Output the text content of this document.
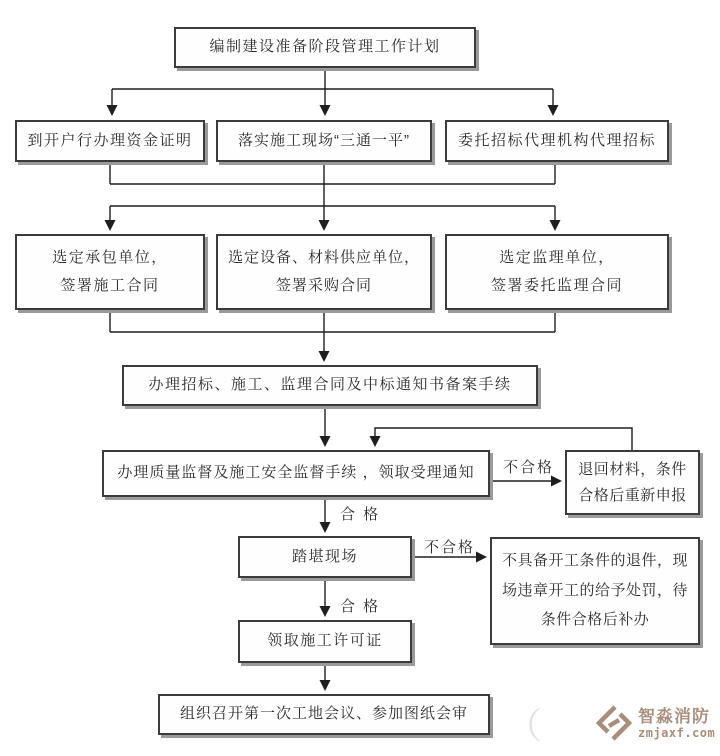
编制建设准备阶段管理工作计划
到开户行办理资金证明	落实施工现场“三通一平”	委托招标代理机构代理招标
选定承包单位，
签署施工合同
选定设备、材料供应单位，
签署采购合同
选定监理单位，
签署委托监理合同
办理招标、施工、监理合同及中标通知书备案手续
办理质量监督及施工安全监督手续 ，领取受理通知	退回材料，条件
合格后重新申报
踏堪现场	不具备开工条件的退件，现
场违章开工的给予处罚，待
条件合格后补办
领取施工许可证
组织召开第一次工地会议、参加图纸会审
合 格
不合格
不合格
合 格
（	智淼消防
zmjaxf.com
